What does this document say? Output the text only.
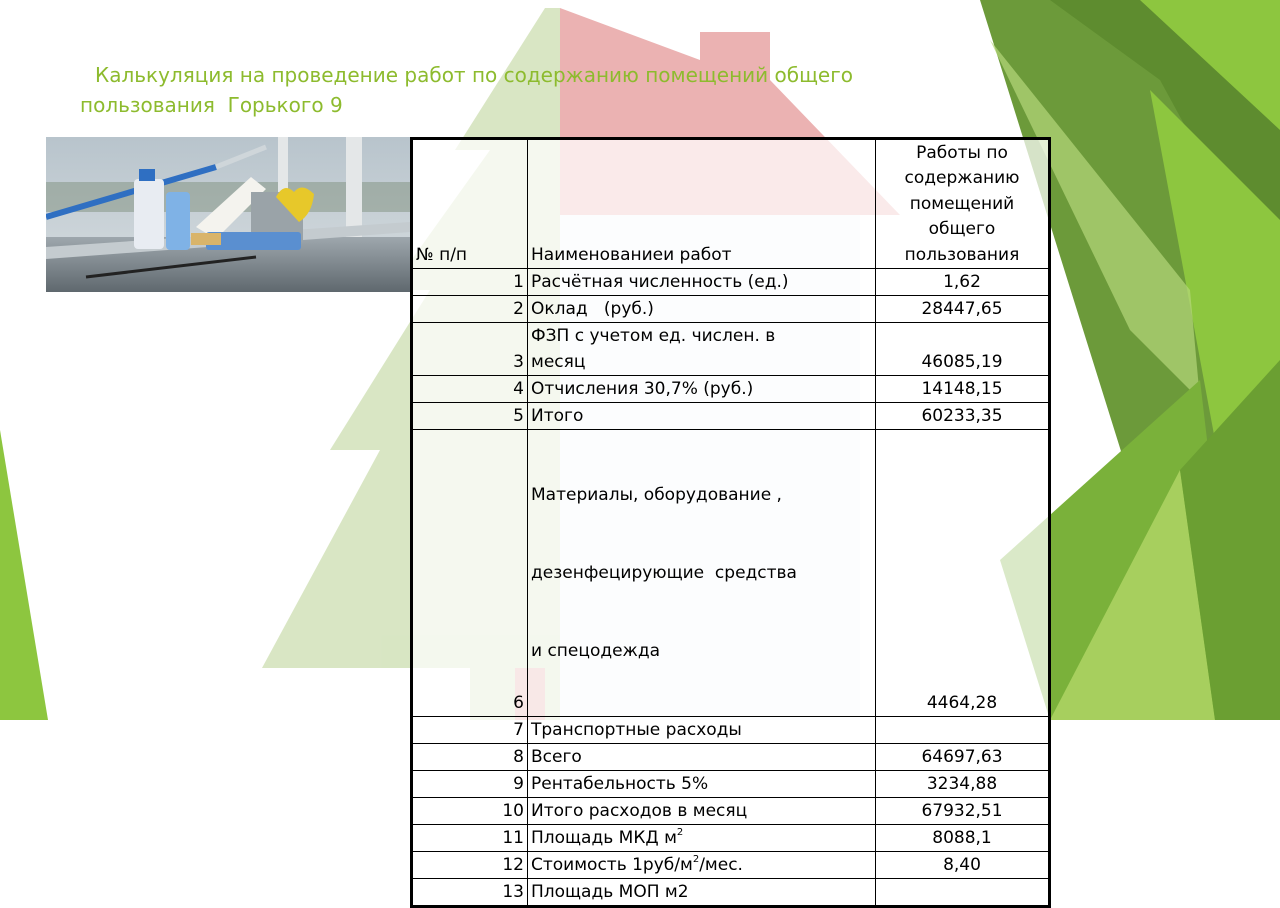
Калькуляция на проведение работ по содержанию помещений общего
пользования  Горького 9
№ п/п	Наименованиеи работ	Работы по
содержанию
помещений
общего
пользования

1	Расчётная численность (ед.)	1,62
2	Оклад   (руб.)	28447,65
3	ФЗП с учетом ед. числен. в
месяц	46085,19
4	Отчисления 30,7% (руб.)	14148,15
5	Итого	60233,35
6	Материалы, оборудование ,

дезенфецирующие  средства

и спецодежда	4464,28
7	Транспортные расходы	
8	Всего	64697,63
9	Рентабельность 5%	3234,88
10	Итого расходов в месяц	67932,51
11	Площадь МКД $м^2$	8088,1
12	Стоимость $1руб/м^2$/мес.	8,40
13	Площадь МОП м2	
